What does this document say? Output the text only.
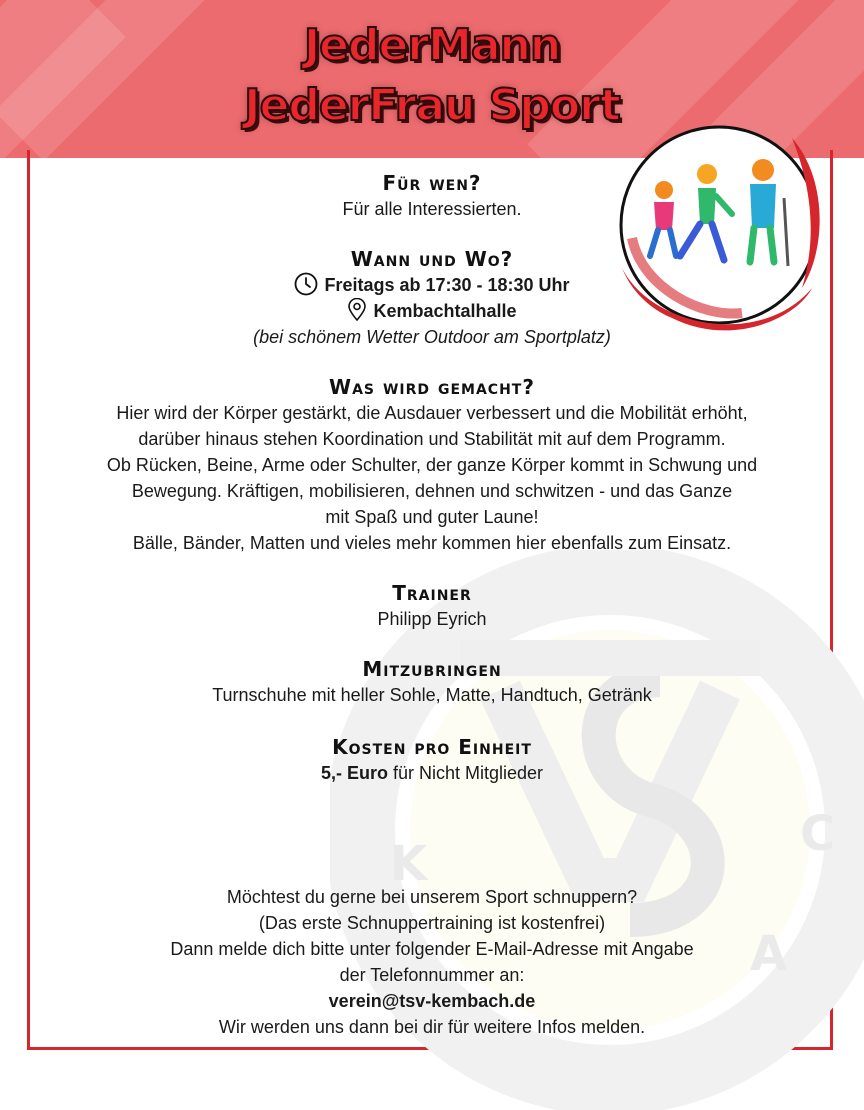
JederMann
JederFrau Sport
K
C
A
Für wen?
Für alle Interessierten.
Wann und Wo?
Freitags ab 17:30 - 18:30 Uhr
Kembachtalhalle
(bei schönem Wetter Outdoor am Sportplatz)
Was wird gemacht?
Hier wird der Körper gestärkt, die Ausdauer verbessert und die Mobilität erhöht,
darüber hinaus stehen Koordination und Stabilität mit auf dem Programm.
Ob Rücken, Beine, Arme oder Schulter, der ganze Körper kommt in Schwung und
Bewegung. Kräftigen, mobilisieren, dehnen und schwitzen - und das Ganze
mit Spaß und guter Laune!
Bälle, Bänder, Matten und vieles mehr kommen hier ebenfalls zum Einsatz.
Trainer
Philipp Eyrich
Mitzubringen
Turnschuhe mit heller Sohle, Matte, Handtuch, Getränk
Kosten pro Einheit
5,- Euro für Nicht Mitglieder
Möchtest du gerne bei unserem Sport schnuppern?
(Das erste Schnuppertraining ist kostenfrei)
Dann melde dich bitte unter folgender E-Mail-Adresse mit Angabe
der Telefonnummer an:
verein@tsv-kembach.de
Wir werden uns dann bei dir für weitere Infos melden.
